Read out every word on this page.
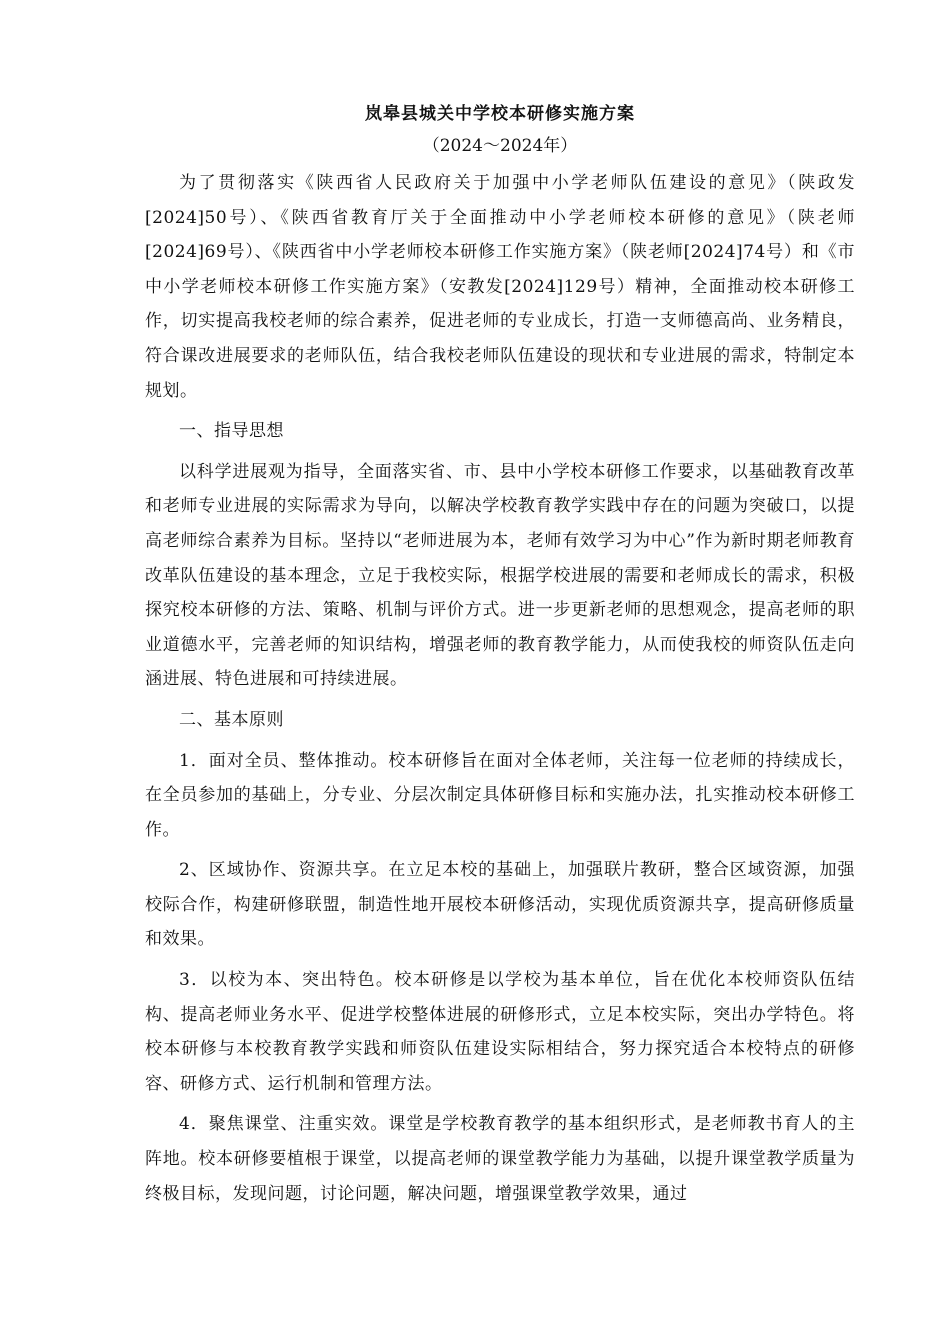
岚皋县城关中学校本研修实施方案
（2024～2024年）

为了贯彻落实《陕西省人民政府关于加强中小学老师队伍建设的意见》（陕政发[2024]50号）、《陕西省教育厅关于全面推动中小学老师校本研修的意见》（陕老师[2024]69号）、《陕西省中小学老师校本研修工作实施方案》（陕老师[2024]74号）和《市中小学老师校本研修工作实施方案》（安教发[2024]129号）精神，全面推动校本研修工作，切实提高我校老师的综合素养，促进老师的专业成长，打造一支师德高尚、业务精良，符合课改进展要求的老师队伍，结合我校老师队伍建设的现状和专业进展的需求，特制定本规划。

一、指导思想

以科学进展观为指导，全面落实省、市、县中小学校本研修工作要求，以基础教育改革和老师专业进展的实际需求为导向，以解决学校教育教学实践中存在的问题为突破口，以提高老师综合素养为目标。坚持以“老师进展为本，老师有效学习为中心”作为新时期老师教育改革队伍建设的基本理念，立足于我校实际，根据学校进展的需要和老师成长的需求，积极探究校本研修的方法、策略、机制与评价方式。进一步更新老师的思想观念，提高老师的职业道德水平，完善老师的知识结构，增强老师的教育教学能力，从而使我校的师资队伍走向涵进展、特色进展和可持续进展。

二、基本原则

1．面对全员、整体推动。校本研修旨在面对全体老师，关注每一位老师的持续成长，在全员参加的基础上，分专业、分层次制定具体研修目标和实施办法，扎实推动校本研修工作。

2、区域协作、资源共享。在立足本校的基础上，加强联片教研，整合区域资源，加强校际合作，构建研修联盟，制造性地开展校本研修活动，实现优质资源共享，提高研修质量和效果。

3．以校为本、突出特色。校本研修是以学校为基本单位，旨在优化本校师资队伍结构、提高老师业务水平、促进学校整体进展的研修形式，立足本校实际，突出办学特色。将校本研修与本校教育教学实践和师资队伍建设实际相结合，努力探究适合本校特点的研修容、研修方式、运行机制和管理方法。

4．聚焦课堂、注重实效。课堂是学校教育教学的基本组织形式，是老师教书育人的主阵地。校本研修要植根于课堂，以提高老师的课堂教学能力为基础，以提升课堂教学质量为终极目标，发现问题，讨论问题，解决问题，增强课堂教学效果，通过
